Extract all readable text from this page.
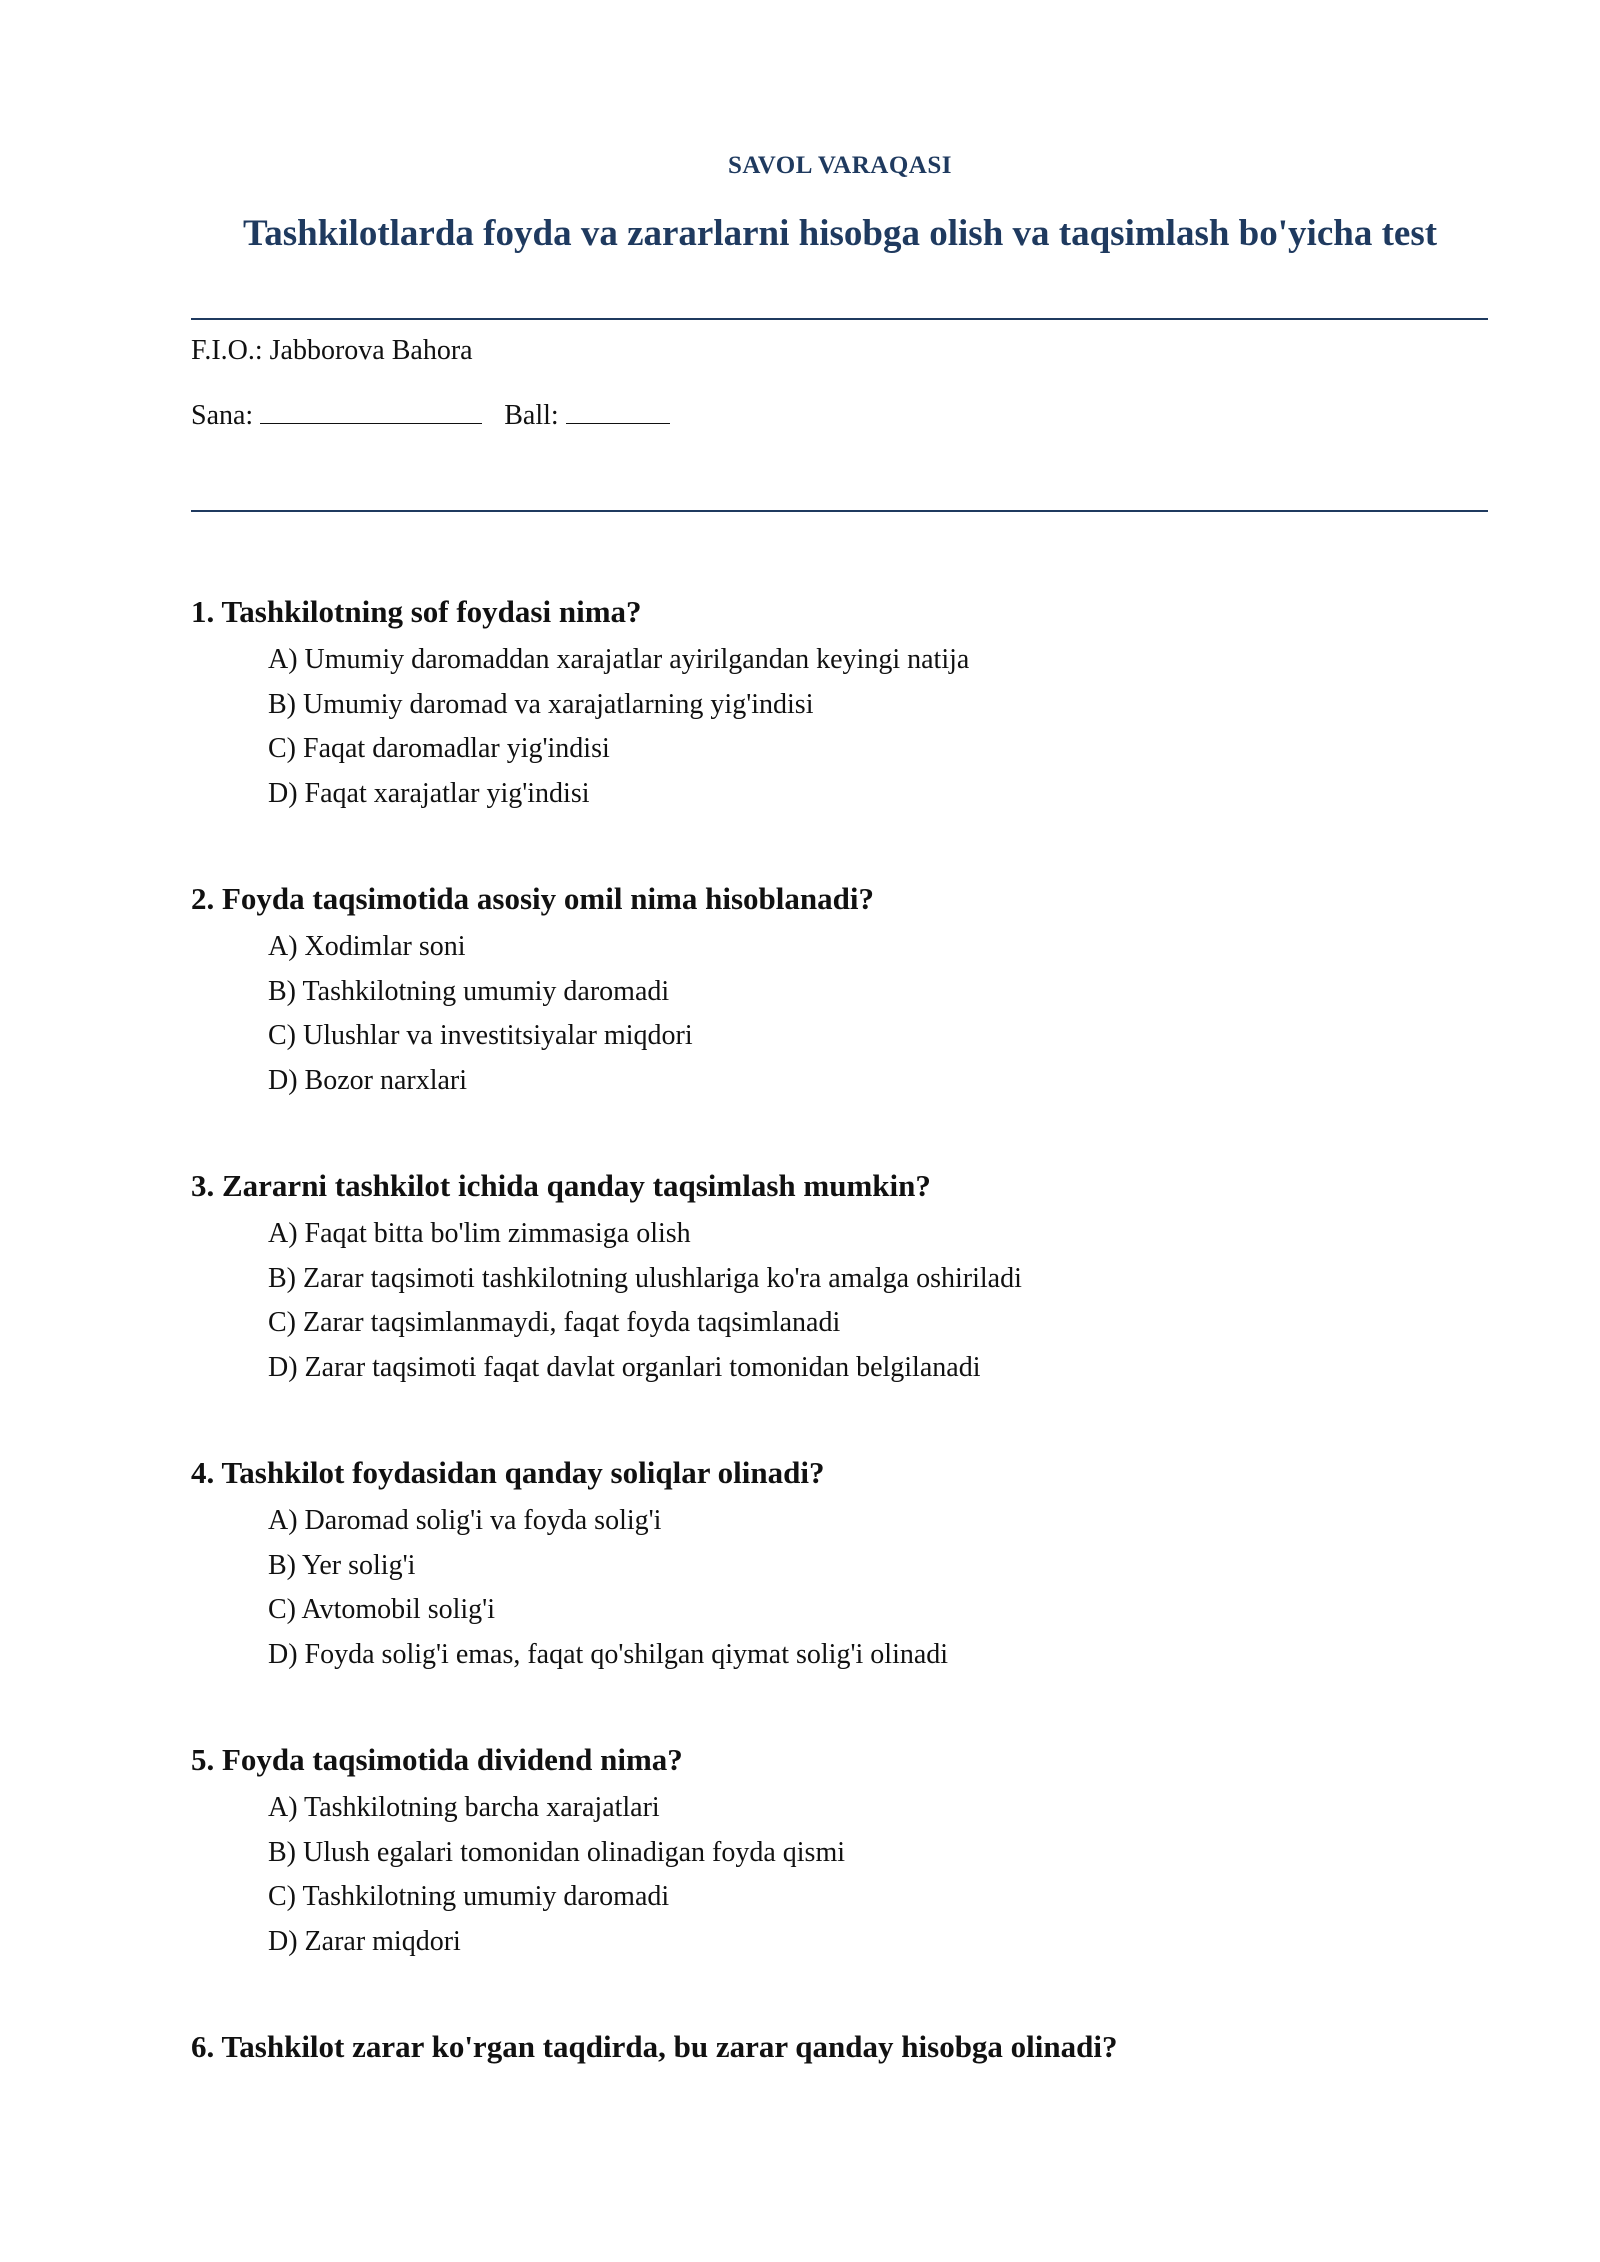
SAVOL VARAQASI
Tashkilotlarda foyda va zararlarni hisobga olish va taqsimlash bo'yicha test
F.I.O.: Jabborova Bahora
Sana:	Ball:
1. Tashkilotning sof foydasi nima?
A) Umumiy daromaddan xarajatlar ayirilgandan keyingi natija
B) Umumiy daromad va xarajatlarning yig'indisi
C) Faqat daromadlar yig'indisi
D) Faqat xarajatlar yig'indisi
2. Foyda taqsimotida asosiy omil nima hisoblanadi?
A) Xodimlar soni
B) Tashkilotning umumiy daromadi
C) Ulushlar va investitsiyalar miqdori
D) Bozor narxlari
3. Zararni tashkilot ichida qanday taqsimlash mumkin?
A) Faqat bitta bo'lim zimmasiga olish
B) Zarar taqsimoti tashkilotning ulushlariga ko'ra amalga oshiriladi
C) Zarar taqsimlanmaydi, faqat foyda taqsimlanadi
D) Zarar taqsimoti faqat davlat organlari tomonidan belgilanadi
4. Tashkilot foydasidan qanday soliqlar olinadi?
A) Daromad solig'i va foyda solig'i
B) Yer solig'i
C) Avtomobil solig'i
D) Foyda solig'i emas, faqat qo'shilgan qiymat solig'i olinadi
5. Foyda taqsimotida dividend nima?
A) Tashkilotning barcha xarajatlari
B) Ulush egalari tomonidan olinadigan foyda qismi
C) Tashkilotning umumiy daromadi
D) Zarar miqdori
6. Tashkilot zarar ko'rgan taqdirda, bu zarar qanday hisobga olinadi?
